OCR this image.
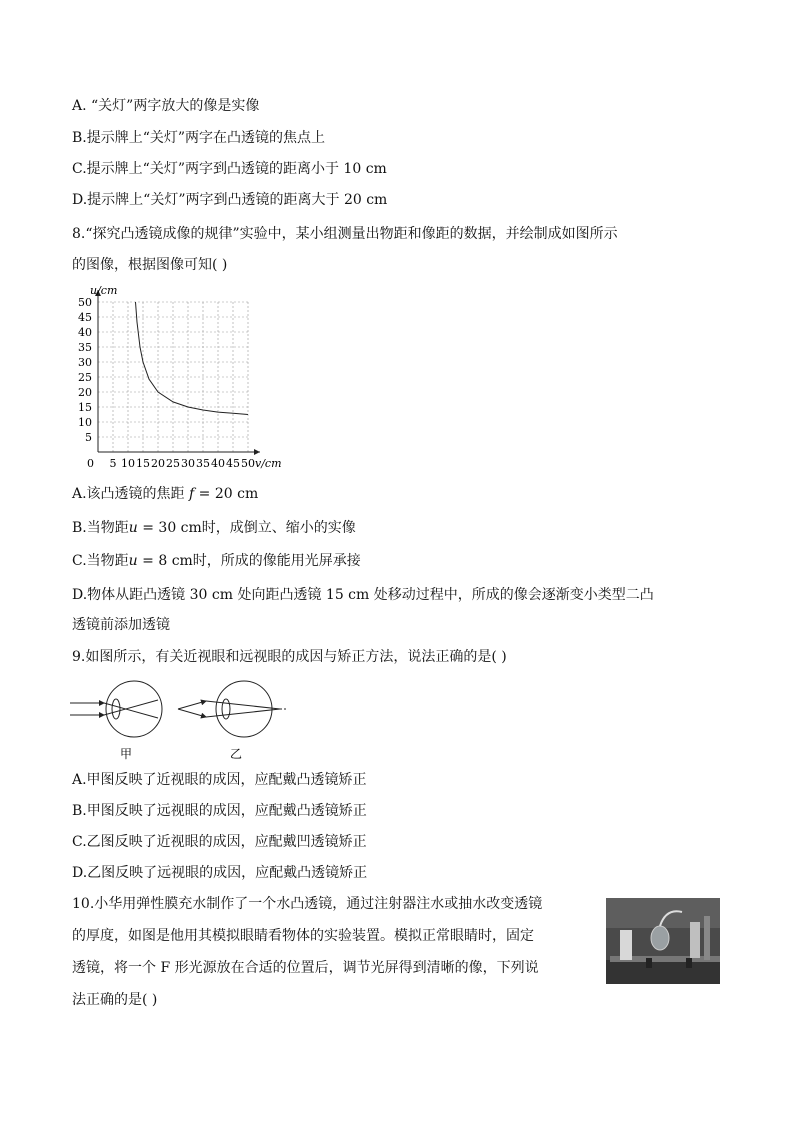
A. “关灯”两字放大的像是实像
B.提示牌上“关灯”两字在凸透镜的焦点上
C.提示牌上“关灯”两字到凸透镜的距离小于 10 cm
D.提示牌上“关灯”两字到凸透镜的距离大于 20 cm
8.“探究凸透镜成像的规律”实验中，某小组测量出物距和像距的数据，并绘制成如图所示
的图像，根据图像可知( )
5 10 15 20 25 30 35 40 45 50
5
10
15
20
25
30
35
40
45
50
u/cm
v/cm
0
A.该凸透镜的焦距 f = 20 cm
B.当物距u = 30 cm时，成倒立、缩小的实像
C.当物距u = 8 cm时，所成的像能用光屏承接
D.物体从距凸透镜 30 cm 处向距凸透镜 15 cm 处移动过程中，所成的像会逐渐变小类型二凸
透镜前添加透镜
9.如图所示，有关近视眼和远视眼的成因与矫正方法，说法正确的是( )
甲	乙
A.甲图反映了近视眼的成因，应配戴凸透镜矫正
B.甲图反映了远视眼的成因，应配戴凸透镜矫正
C.乙图反映了近视眼的成因，应配戴凹透镜矫正
D.乙图反映了远视眼的成因，应配戴凸透镜矫正
10.小华用弹性膜充水制作了一个水凸透镜，通过注射器注水或抽水改变透镜
的厚度，如图是他用其模拟眼睛看物体的实验装置。模拟正常眼睛时，固定
透镜，将一个 F 形光源放在合适的位置后，调节光屏得到清晰的像，下列说
法正确的是( )
